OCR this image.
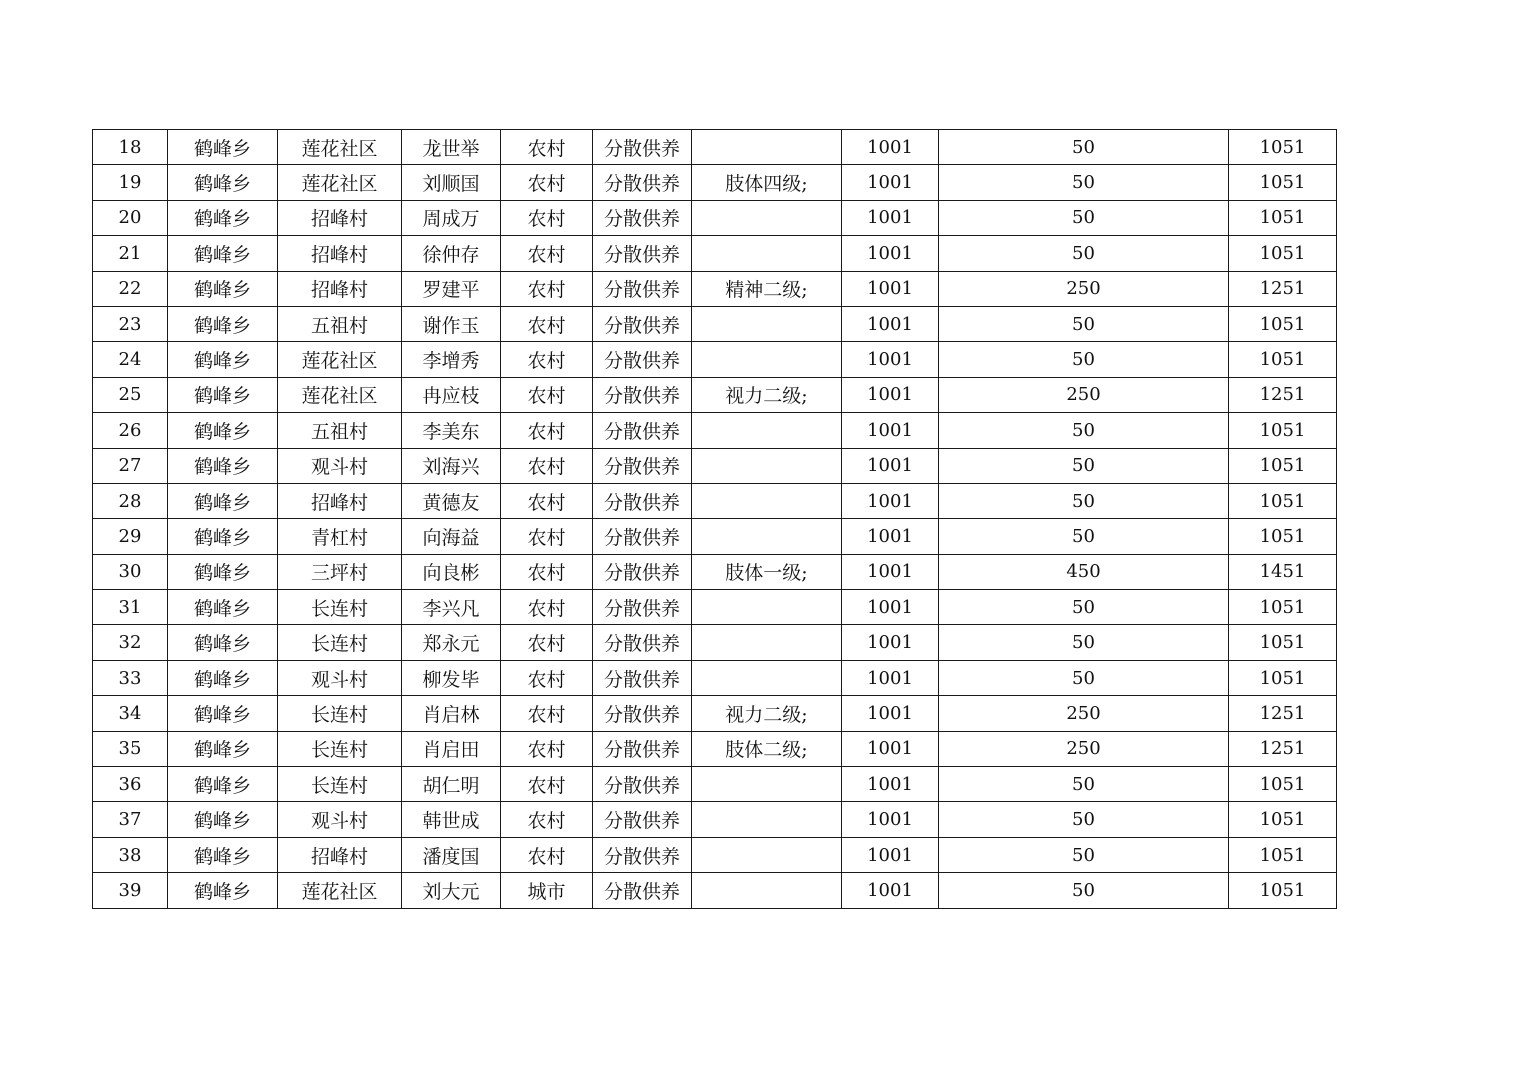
18	鹤峰乡	莲花社区	龙世举	农村	分散供养		1001	50	1051
19	鹤峰乡	莲花社区	刘顺国	农村	分散供养	肢体四级;	1001	50	1051
20	鹤峰乡	招峰村	周成万	农村	分散供养		1001	50	1051
21	鹤峰乡	招峰村	徐仲存	农村	分散供养		1001	50	1051
22	鹤峰乡	招峰村	罗建平	农村	分散供养	精神二级;	1001	250	1251
23	鹤峰乡	五祖村	谢作玉	农村	分散供养		1001	50	1051
24	鹤峰乡	莲花社区	李增秀	农村	分散供养		1001	50	1051
25	鹤峰乡	莲花社区	冉应枝	农村	分散供养	视力二级;	1001	250	1251
26	鹤峰乡	五祖村	李美东	农村	分散供养		1001	50	1051
27	鹤峰乡	观斗村	刘海兴	农村	分散供养		1001	50	1051
28	鹤峰乡	招峰村	黄德友	农村	分散供养		1001	50	1051
29	鹤峰乡	青杠村	向海益	农村	分散供养		1001	50	1051
30	鹤峰乡	三坪村	向良彬	农村	分散供养	肢体一级;	1001	450	1451
31	鹤峰乡	长连村	李兴凡	农村	分散供养		1001	50	1051
32	鹤峰乡	长连村	郑永元	农村	分散供养		1001	50	1051
33	鹤峰乡	观斗村	柳发毕	农村	分散供养		1001	50	1051
34	鹤峰乡	长连村	肖启林	农村	分散供养	视力二级;	1001	250	1251
35	鹤峰乡	长连村	肖启田	农村	分散供养	肢体二级;	1001	250	1251
36	鹤峰乡	长连村	胡仁明	农村	分散供养		1001	50	1051
37	鹤峰乡	观斗村	韩世成	农村	分散供养		1001	50	1051
38	鹤峰乡	招峰村	潘度国	农村	分散供养		1001	50	1051
39	鹤峰乡	莲花社区	刘大元	城市	分散供养		1001	50	1051
